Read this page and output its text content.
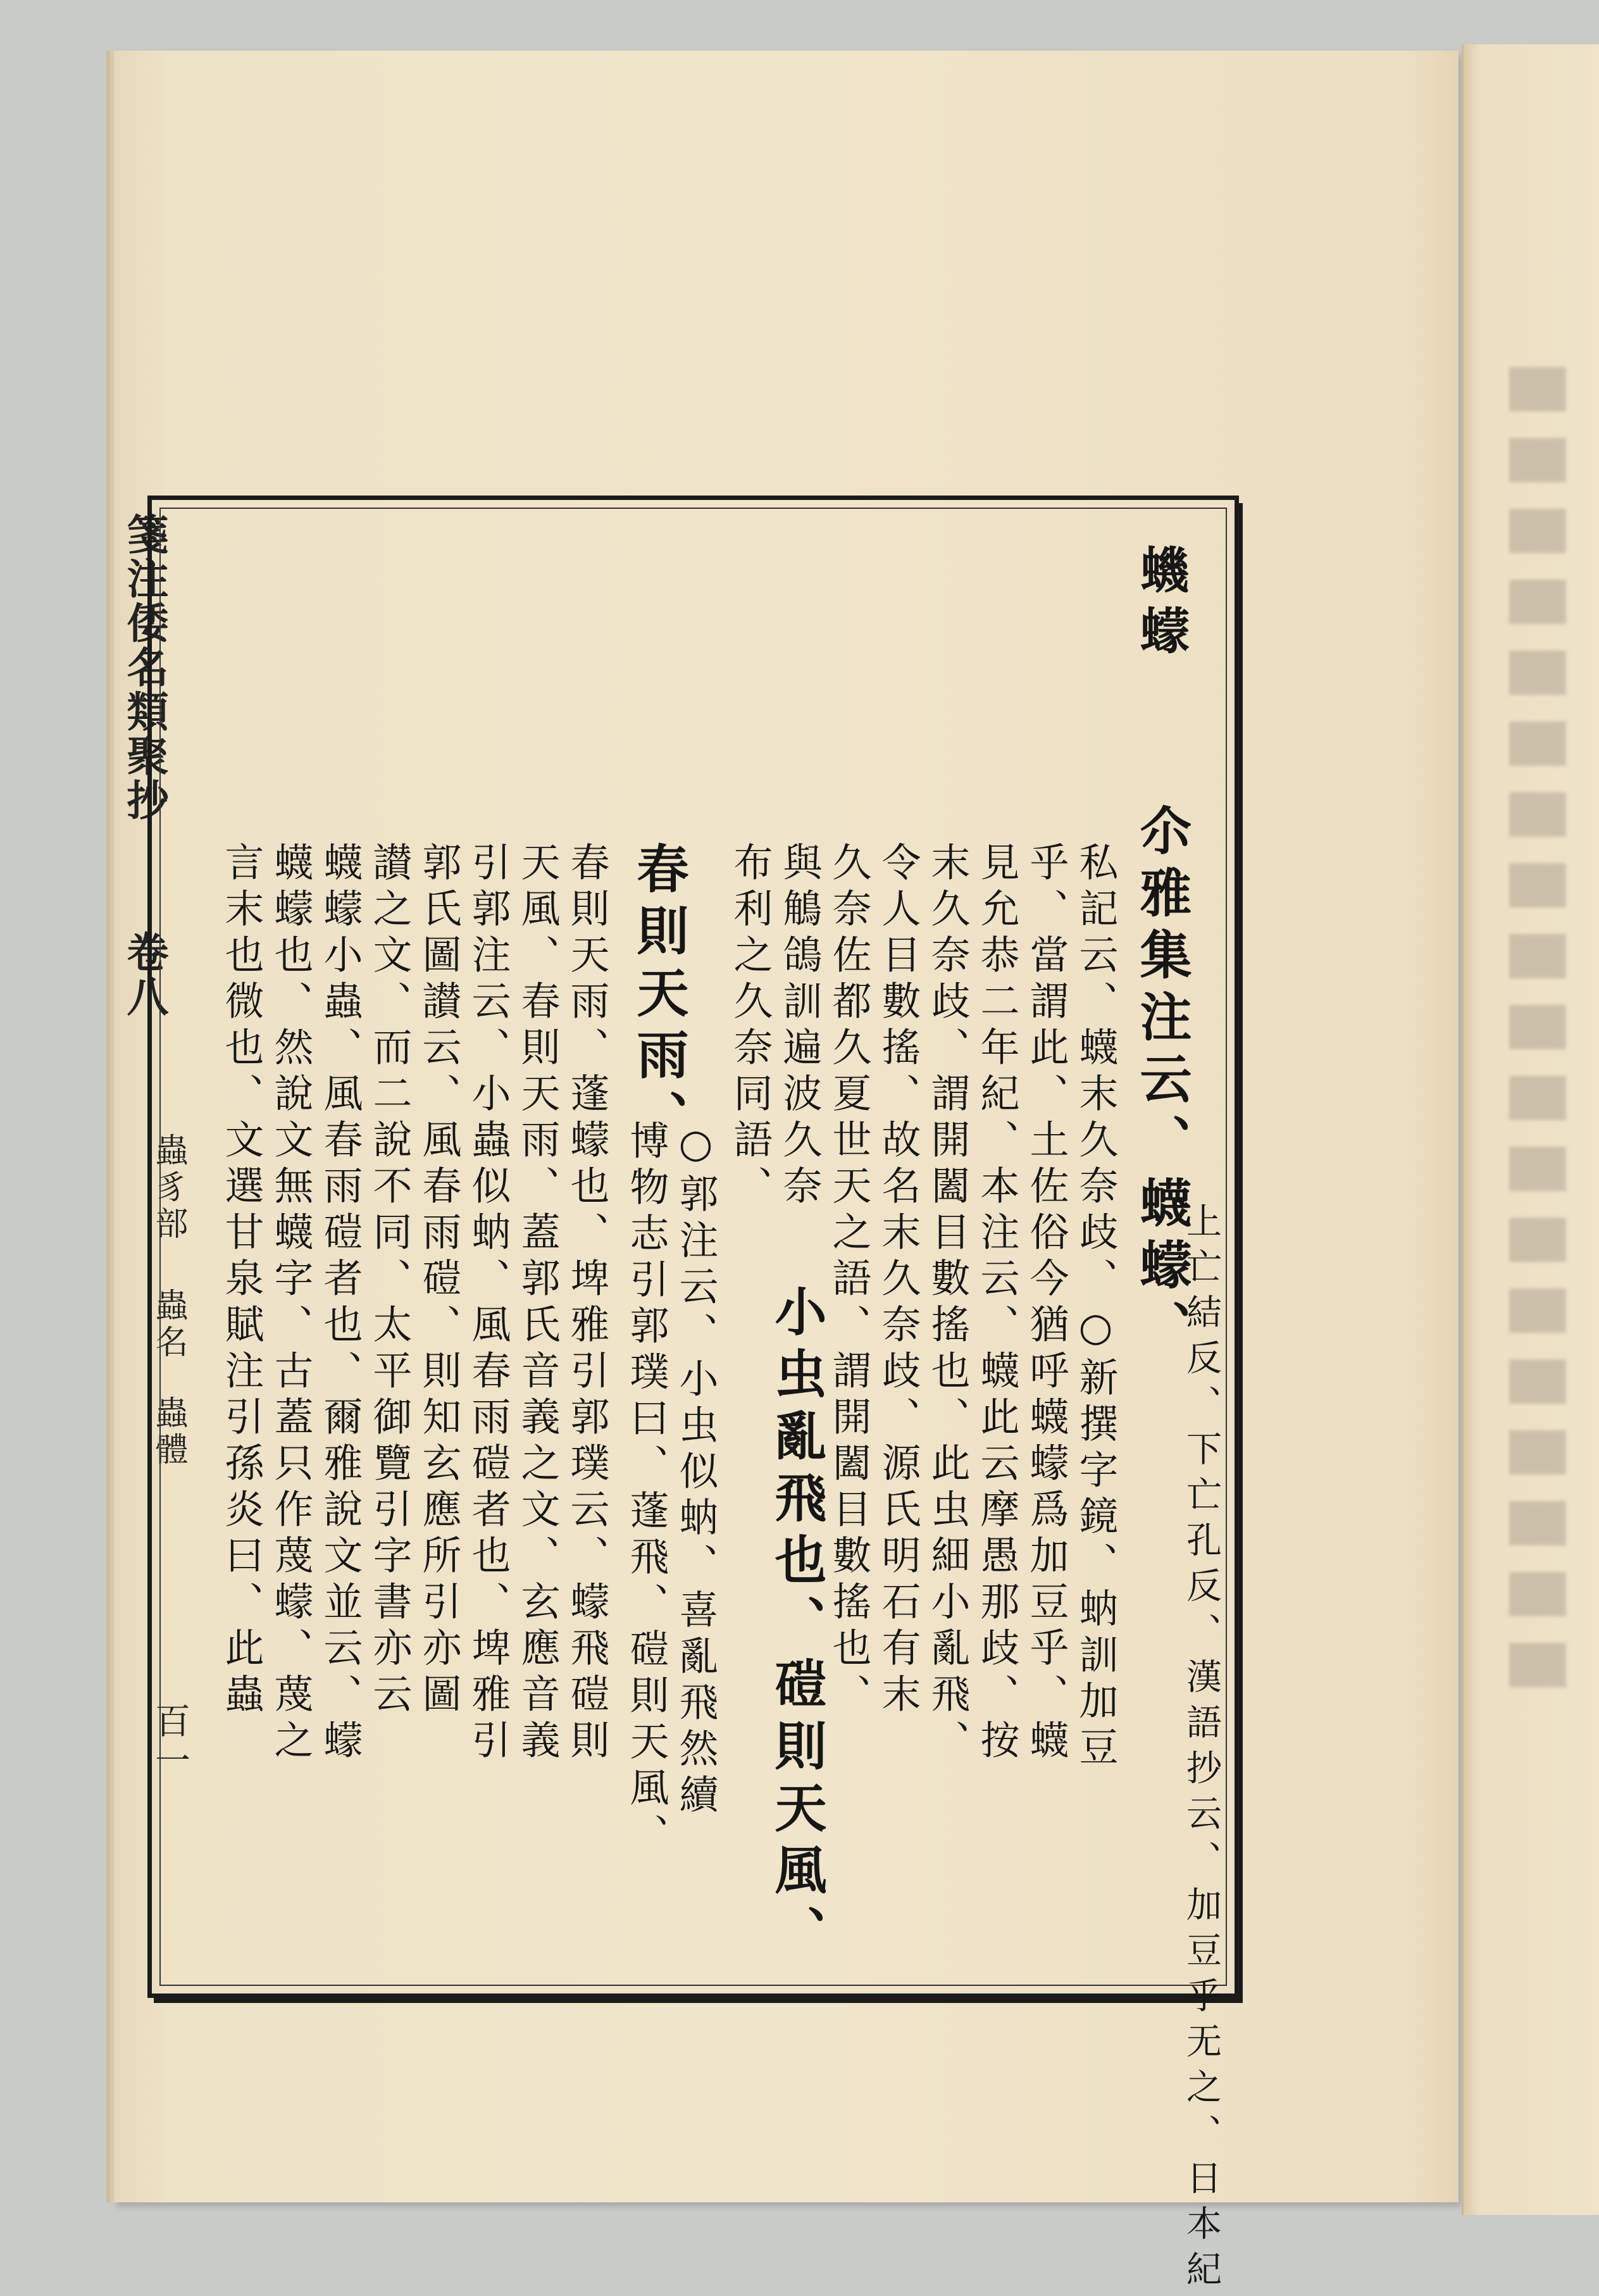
箋注倭名類聚抄
卷八
蟲豸部
蟲名
蟲體
百一
蟣蠓
尒雅集注云、蠛蠓、
上亡結反、下亡孔反、漢語抄云、加豆乎无之、日本紀
私記云、蠛末久奈歧、○新撰字鏡、蚋訓加豆
乎、當謂此、土佐俗今猶呼蠛蠓爲加豆乎、蠛
見允恭二年紀、本注云、蠛此云摩愚那歧、按
末久奈歧、謂開闔目數搖也、此虫細小亂飛、
令人目數搖、故名末久奈歧、源氏明石有末
久奈佐都久夏世天之語、謂開闔目數搖也、
與鵤鴿訓遍波久奈
小虫亂飛也、磑則天風、
布利之久奈同語、
春則天雨、
○郭注云、小虫似蚋、喜亂飛然續
博物志引郭璞曰、蓬飛、磑則天風、
春則天雨、蓬蠓也、埤雅引郭璞云、蠓飛磑則
天風、春則天雨、蓋郭氏音義之文、玄應音義
引郭注云、小蟲似蚋、風春雨磑者也、埤雅引
郭氏圖讃云、風春雨磑、則知玄應所引亦圖
讃之文、而二說不同、太平御覽引字書亦云
蠛蠓小蟲、風春雨磑者也、爾雅說文並云、蠓
蠛蠓也、然說文無蠛字、古蓋只作蔑蠓、蔑之
言末也微也、文選甘泉賦注引孫炎曰、此蟲
